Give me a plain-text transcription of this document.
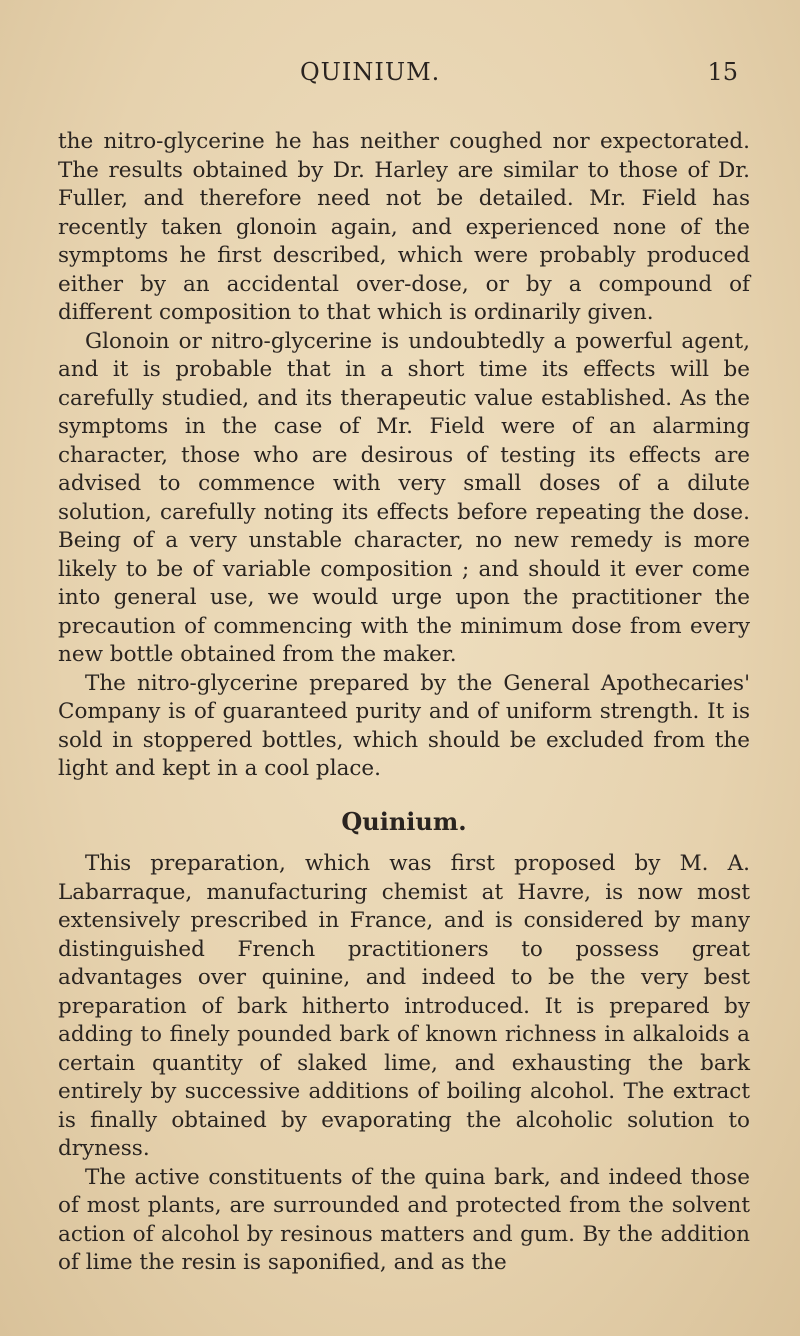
QUINIUM.	15

the nitro-glycerine he has neither coughed nor expectorated. The results obtained by Dr. Harley are similar to those of Dr. Fuller, and therefore need not be detailed. Mr. Field has recently taken glonoin again, and experienced none of the symptoms he first described, which were probably produced either by an accidental over-dose, or by a compound of different composition to that which is ordinarily given.

Glonoin or nitro-glycerine is undoubtedly a powerful agent, and it is probable that in a short time its effects will be carefully studied, and its therapeutic value established. As the symptoms in the case of Mr. Field were of an alarming character, those who are desirous of testing its effects are advised to commence with very small doses of a dilute solution, carefully noting its effects before repeating the dose. Being of a very unstable character, no new remedy is more likely to be of variable composition ; and should it ever come into general use, we would urge upon the practitioner the precaution of commencing with the minimum dose from every new bottle obtained from the maker.

The nitro-glycerine prepared by the General Apothecaries' Company is of guaranteed purity and of uniform strength. It is sold in stoppered bottles, which should be excluded from the light and kept in a cool place.

Quinium.

This preparation, which was first proposed by M. A. Labarraque, manufacturing chemist at Havre, is now most extensively prescribed in France, and is considered by many distinguished French practitioners to possess great advantages over quinine, and indeed to be the very best preparation of bark hitherto introduced. It is prepared by adding to finely pounded bark of known richness in alkaloids a certain quantity of slaked lime, and exhausting the bark entirely by successive additions of boiling alcohol. The extract is finally obtained by evaporating the alcoholic solution to dryness.

The active constituents of the quina bark, and indeed those of most plants, are surrounded and protected from the solvent action of alcohol by resinous matters and gum. By the addition of lime the resin is saponified, and as the
